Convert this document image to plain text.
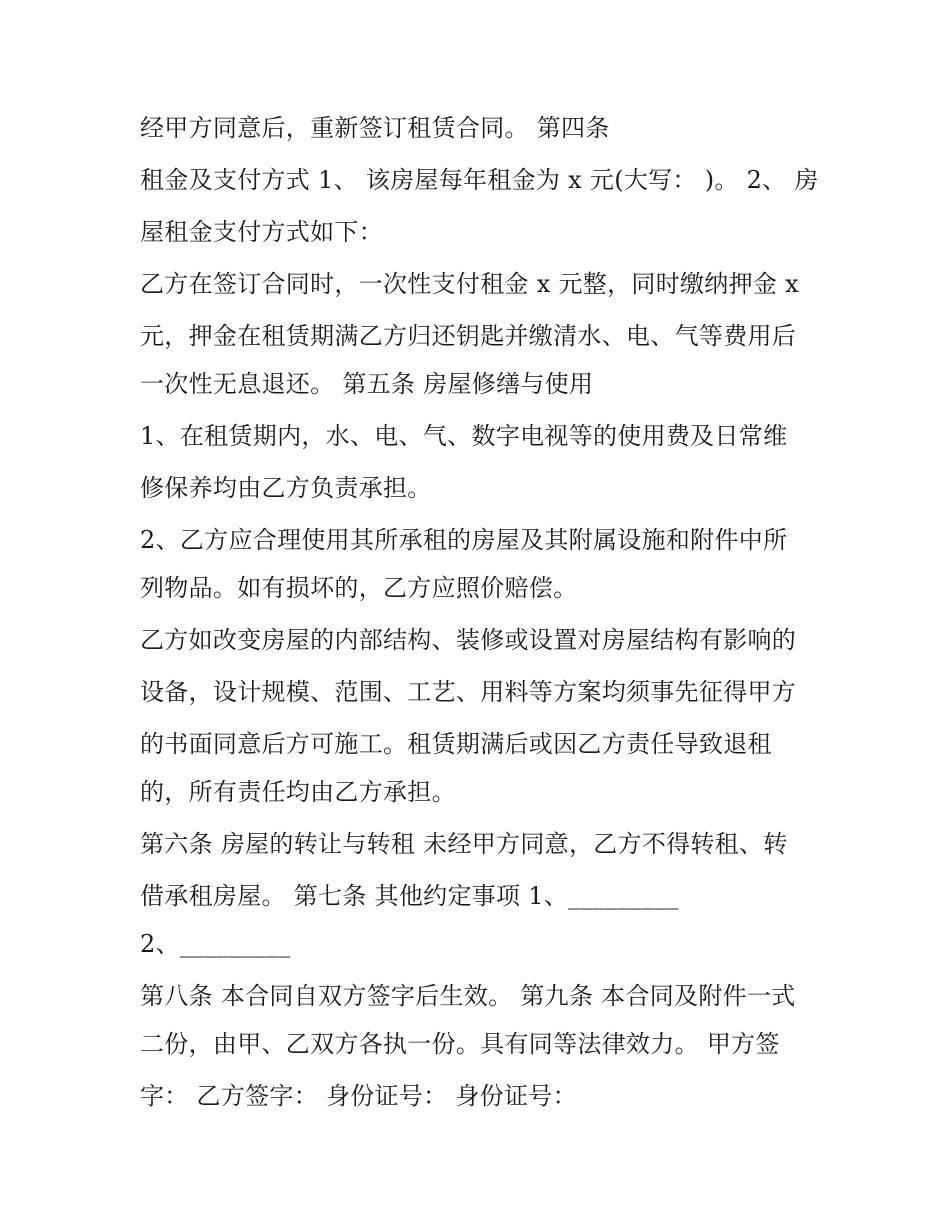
经甲方同意后，重新签订租赁合同。 第四条
租金及支付方式 1、 该房屋每年租金为 x 元(大写： )。 2、 房
屋租金支付方式如下：
乙方在签订合同时，一次性支付租金 x 元整，同时缴纳押金 x
元，押金在租赁期满乙方归还钥匙并缴清水、电、气等费用后
一次性无息退还。 第五条 房屋修缮与使用
1、在租赁期内，水、电、气、数字电视等的使用费及日常维
修保养均由乙方负责承担。
2、乙方应合理使用其所承租的房屋及其附属设施和附件中所
列物品。如有损坏的，乙方应照价赔偿。
乙方如改变房屋的内部结构、装修或设置对房屋结构有影响的
设备，设计规模、范围、工艺、用料等方案均须事先征得甲方
的书面同意后方可施工。租赁期满后或因乙方责任导致退租
的，所有责任均由乙方承担。
第六条 房屋的转让与转租 未经甲方同意，乙方不得转租、转
借承租房屋。 第七条 其他约定事项 1、_________
2、_________
第八条 本合同自双方签字后生效。 第九条 本合同及附件一式
二份，由甲、乙双方各执一份。具有同等法律效力。 甲方签
字： 乙方签字： 身份证号： 身份证号：
